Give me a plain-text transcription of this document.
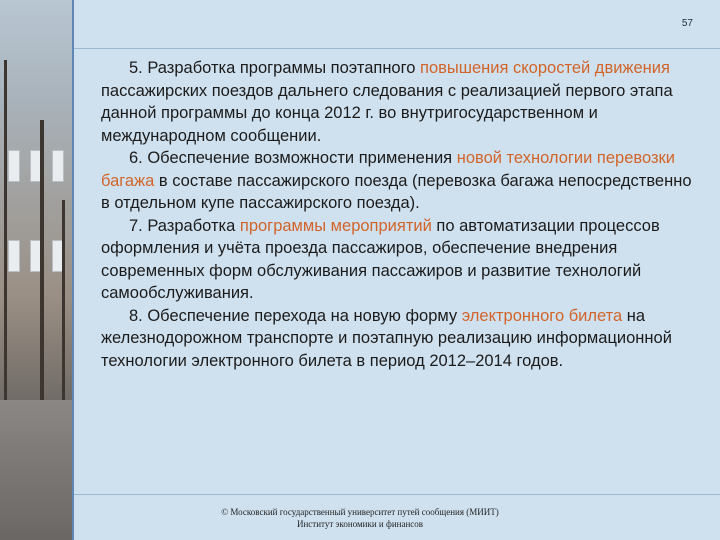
57

5. Разработка программы поэтапного повышения скоростей движения пассажирских поездов дальнего следования с реализацией первого этапа данной программы до конца 2012 г. во внутригосударственном и международном сообщении.

6. Обеспечение возможности применения новой технологии перевозки багажа в составе пассажирского поезда (перевозка багажа непосредственно в отдельном купе пассажирского поезда).

7. Разработка программы мероприятий по автоматизации процессов оформления и учёта проезда пассажиров, обеспечение внедрения современных форм обслуживания пассажиров и развитие технологий самообслуживания.

8. Обеспечение перехода на новую форму электронного билета на железнодорожном транспорте и поэтапную реализацию информационной технологии электронного билета в период 2012–2014 годов.

© Московский государственный университет путей сообщения (МИИТ)
Институт экономики и финансов
